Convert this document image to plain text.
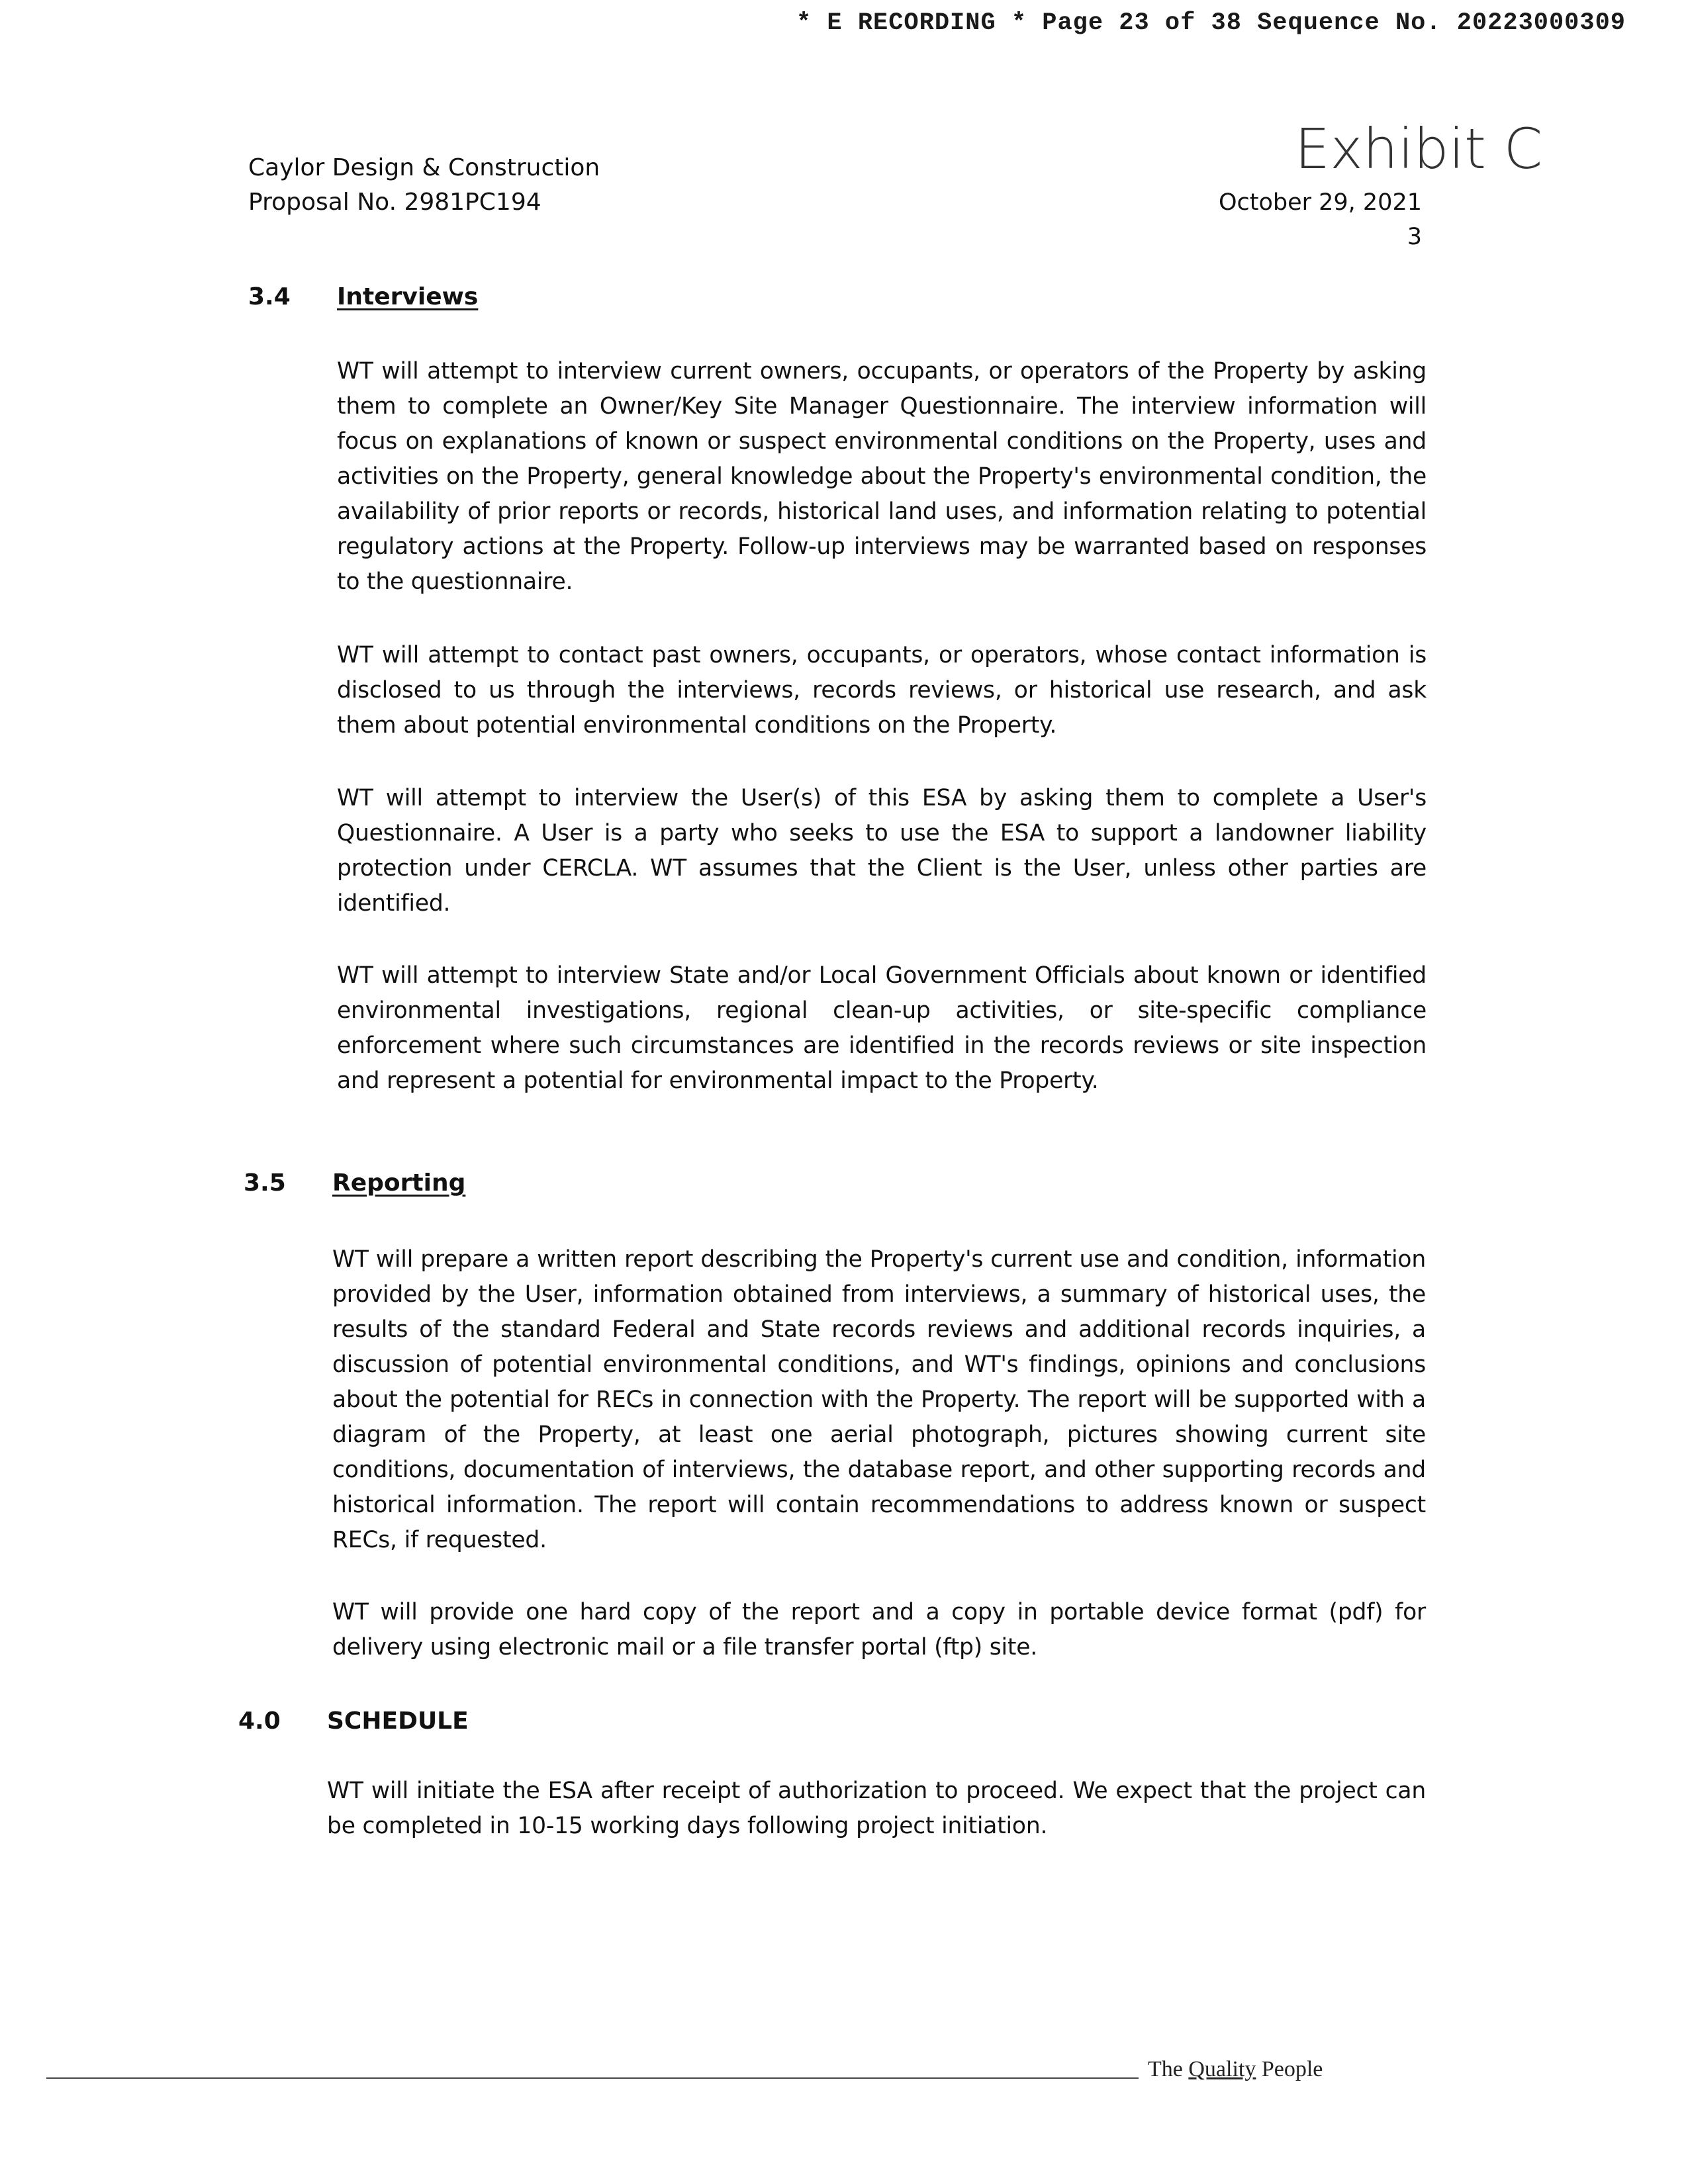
* E RECORDING * Page 23 of 38 Sequence No. 20223000309
Caylor Design & Construction
Proposal No. 2981PC194
Exhibit C
October 29, 2021
3
3.4 Interviews

WT will attempt to interview current owners, occupants, or operators of the Property by asking them to complete an Owner/Key Site Manager Questionnaire. The interview information will focus on explanations of known or suspect environmental conditions on the Property, uses and activities on the Property, general knowledge about the Property's environmental condition, the availability of prior reports or records, historical land uses, and information relating to potential regulatory actions at the Property. Follow-up interviews may be warranted based on responses to the questionnaire.

WT will attempt to contact past owners, occupants, or operators, whose contact information is disclosed to us through the interviews, records reviews, or historical use research, and ask them about potential environmental conditions on the Property.

WT will attempt to interview the User(s) of this ESA by asking them to complete a User's Questionnaire. A User is a party who seeks to use the ESA to support a landowner liability protection under CERCLA. WT assumes that the Client is the User, unless other parties are identified.

WT will attempt to interview State and/or Local Government Officials about known or identified environmental investigations, regional clean-up activities, or site-specific compliance enforcement where such circumstances are identified in the records reviews or site inspection and represent a potential for environmental impact to the Property.

3.5 Reporting

WT will prepare a written report describing the Property's current use and condition, information provided by the User, information obtained from interviews, a summary of historical uses, the results of the standard Federal and State records reviews and additional records inquiries, a discussion of potential environmental conditions, and WT's findings, opinions and conclusions about the potential for RECs in connection with the Property. The report will be supported with a diagram of the Property, at least one aerial photograph, pictures showing current site conditions, documentation of interviews, the database report, and other supporting records and historical information. The report will contain recommendations to address known or suspect RECs, if requested.

WT will provide one hard copy of the report and a copy in portable device format (pdf) for delivery using electronic mail or a file transfer portal (ftp) site.

4.0 SCHEDULE

WT will initiate the ESA after receipt of authorization to proceed. We expect that the project can be completed in 10-15 working days following project initiation.

The Quality People
